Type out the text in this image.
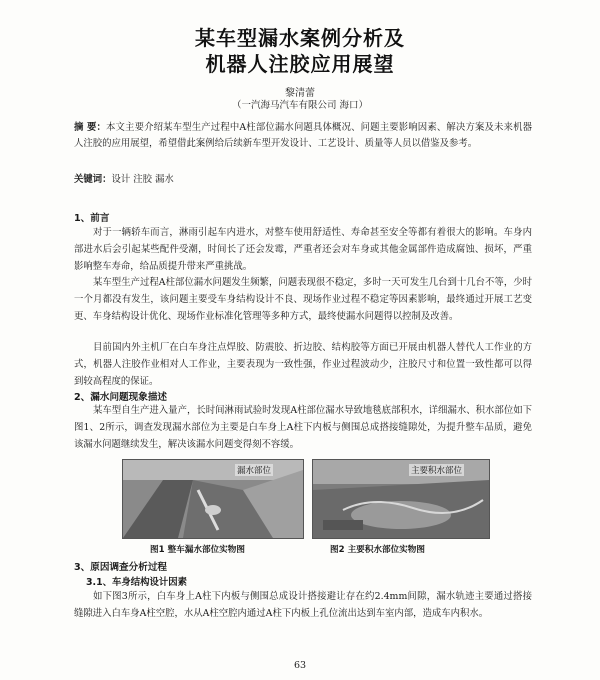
某车型漏水案例分析及
机器人注胶应用展望
黎清蕾
（一汽海马汽车有限公司 海口）
摘 要：本文主要介绍某车型生产过程中A柱部位漏水问题具体概况、问题主要影响因素、解决方案及未来机器人注胶的应用展望，希望借此案例给后续新车型开发设计、工艺设计、质量等人员以借鉴及参考。
关键词：设计 注胶 漏水
1、前言

对于一辆轿车而言，淋雨引起车内进水，对整车使用舒适性、寿命甚至安全等都有着很大的影响。车身内部进水后会引起某些配件受潮，时间长了还会发霉，严重者还会对车身或其他金属部件造成腐蚀、损坏，严重影响整车寿命，给品质提升带来严重挑战。

某车型生产过程A柱部位漏水问题发生频繁，问题表现很不稳定，多时一天可发生几台到十几台不等，少时一个月都没有发生，该问题主要受车身结构设计不良、现场作业过程不稳定等因素影响，最终通过开展工艺变更、车身结构设计优化、现场作业标准化管理等多种方式，最终使漏水问题得以控制及改善。

目前国内外主机厂在白车身注点焊胶、防震胶、折边胶、结构胶等方面已开展由机器人替代人工作业的方式，机器人注胶作业相对人工作业，主要表现为一致性强，作业过程波动少，注胶尺寸和位置一致性都可以得到较高程度的保证。

2、漏水问题现象描述

某车型自生产进入量产，长时间淋雨试验时发现A柱部位漏水导致地毯底部积水，详细漏水、积水部位如下图1、2所示，调查发现漏水部位为主要是白车身上A柱下内板与侧围总成搭接缝隙处，为提升整车品质，避免该漏水问题继续发生，解决该漏水问题变得刻不容缓。

漏水部位	主要积水部位
图1 整车漏水部位实物图	图2 主要积水部位实物图
3、原因调查分析过程
3.1、车身结构设计因素

如下图3所示，白车身上A柱下内板与侧围总成设计搭接避让存在约2.4mm间隙，漏水轨迹主要通过搭接缝隙进入白车身A柱空腔，水从A柱空腔内通过A柱下内板上孔位流出达到车室内部，造成车内积水。

63
